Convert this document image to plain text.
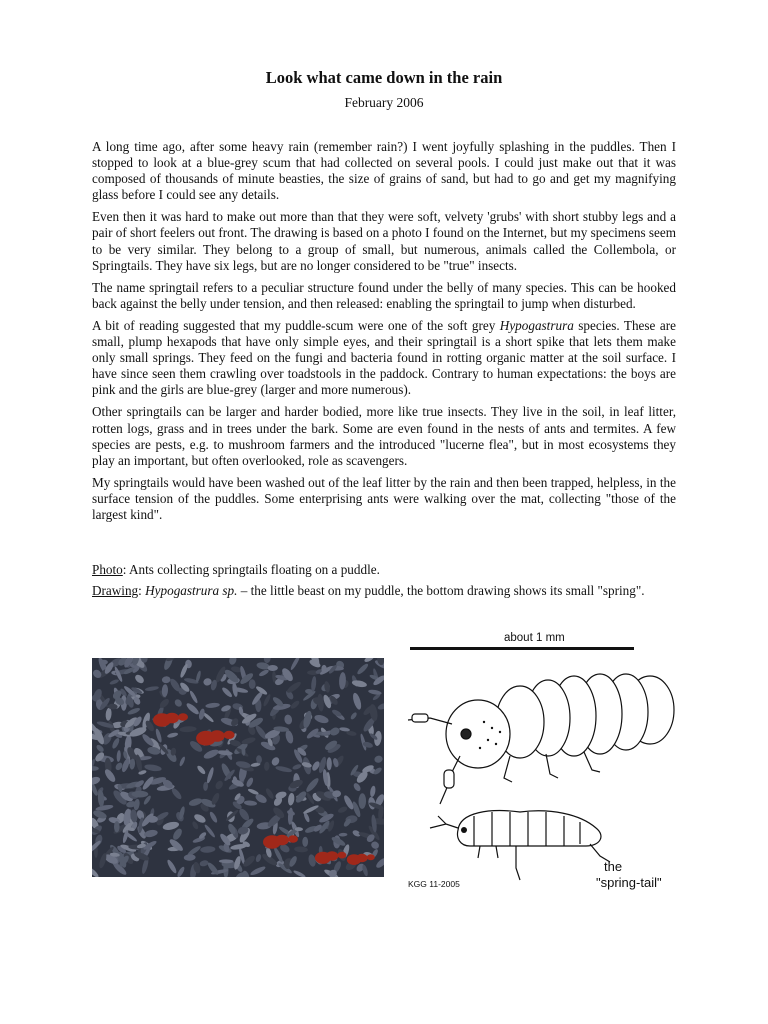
Look what came down in the rain
February 2006

A long time ago, after some heavy rain (remember rain?) I went joyfully splashing in the puddles. Then I stopped to look at a blue-grey scum that had collected on several pools. I could just make out that it was composed of thousands of minute beasties, the size of grains of sand, but had to go and get my magnifying glass before I could see any details.

Even then it was hard to make out more than that they were soft, velvety 'grubs' with short stubby legs and a pair of short feelers out front. The drawing is based on a photo I found on the Internet, but my specimens seem to be very similar. They belong to a group of small, but numerous, animals called the Collembola, or Springtails. They have six legs, but are no longer considered to be "true" insects.

The name springtail refers to a peculiar structure found under the belly of many species. This can be hooked back against the belly under tension, and then released: enabling the springtail to jump when disturbed.

A bit of reading suggested that my puddle-scum were one of the soft grey Hypogastrura species. These are small, plump hexapods that have only simple eyes, and their springtail is a short spike that lets them make only small springs. They feed on the fungi and bacteria found in rotting organic matter at the soil surface. I have since seen them crawling over toadstools in the paddock. Contrary to human expectations: the boys are pink and the girls are blue-grey (larger and more numerous).

Other springtails can be larger and harder bodied, more like true insects. They live in the soil, in leaf litter, rotten logs, grass and in trees under the bark. Some are even found in the nests of ants and termites. A few species are pests, e.g. to mushroom farmers and the introduced "lucerne flea", but in most ecosystems they play an important, but often overlooked, role as scavengers.

My springtails would have been washed out of the leaf litter by the rain and then been trapped, helpless, in the surface tension of the puddles. Some enterprising ants were walking over the mat, collecting "those of the largest kind".

Photo: Ants collecting springtails floating on a puddle.

Drawing: Hypogastrura sp. – the little beast on my puddle, the bottom drawing shows its small "spring".

about 1 mm
the
"spring-tail"
KGG 11-2005
